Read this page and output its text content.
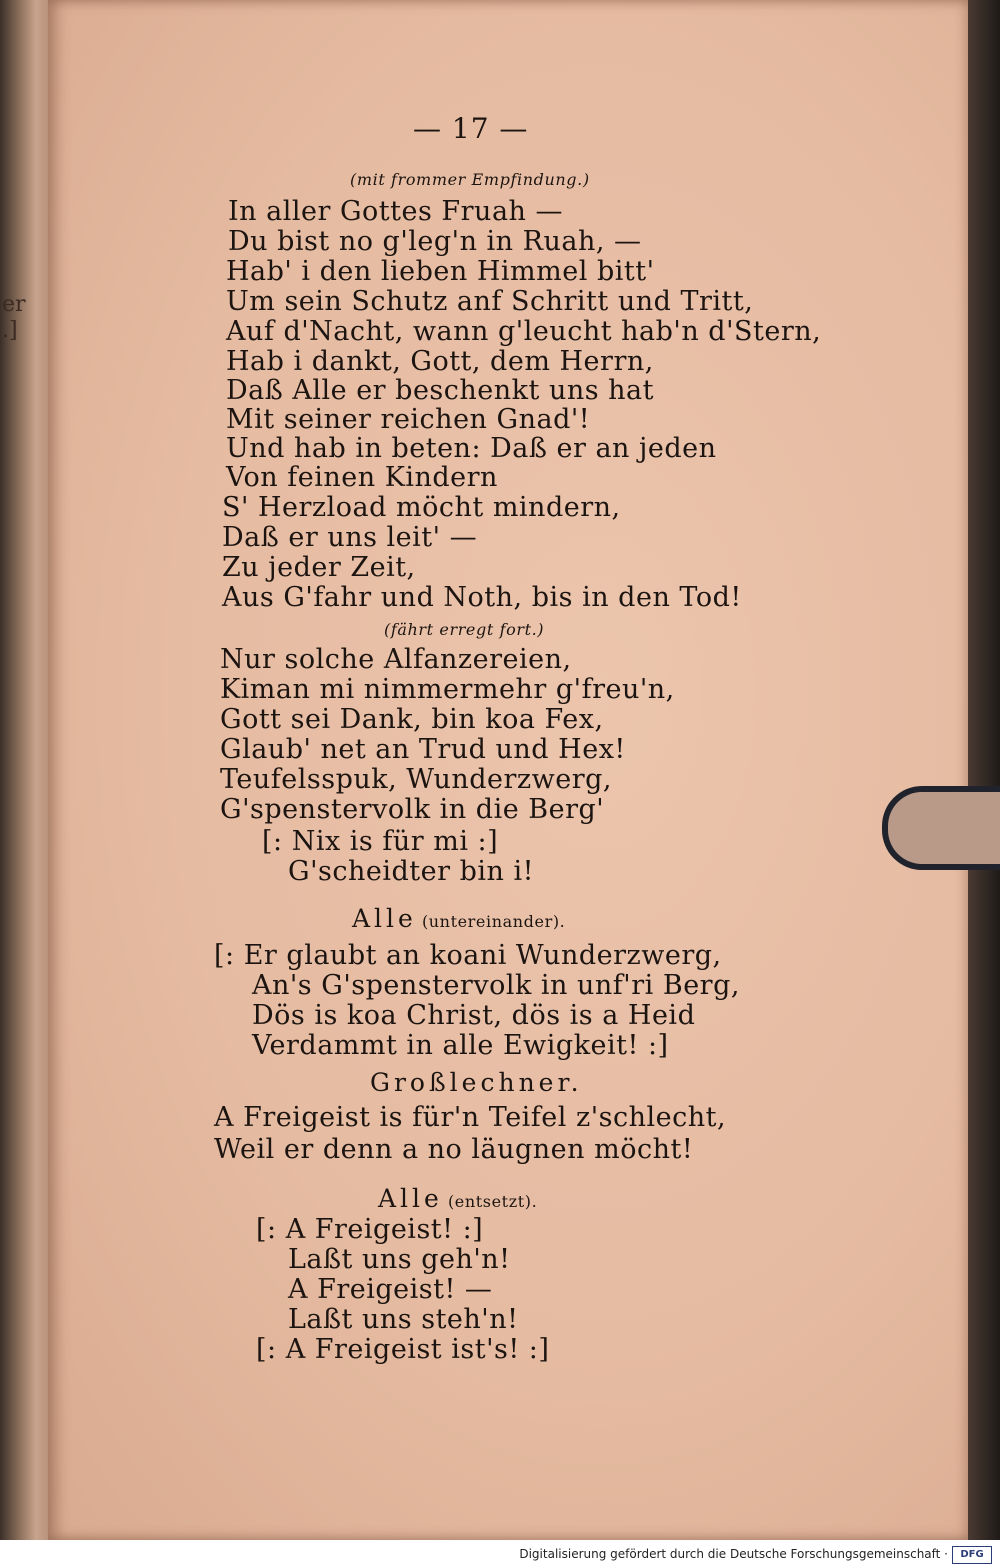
er
.]
— 17 —
(mit frommer Empfindung.)
In aller Gottes Fruah —
Du bist no g'leg'n in Ruah, —
Hab' i den lieben Himmel bitt'
Um sein Schutz anf Schritt und Tritt,
Auf d'Nacht, wann g'leucht hab'n d'Stern,
Hab i dankt, Gott, dem Herrn,
Daß Alle er beschenkt uns hat
Mit seiner reichen Gnad'!
Und hab in beten: Daß er an jeden
Von feinen Kindern
S' Herzload möcht mindern,
Daß er uns leit' —
Zu jeder Zeit,
Aus G'fahr und Noth, bis in den Tod!
(fährt erregt fort.)
Nur solche Alfanzereien,
Kiman mi nimmermehr g'freu'n,
Gott sei Dank, bin koa Fex,
Glaub' net an Trud und Hex!
Teufelsspuk, Wunderzwerg,
G'spenstervolk in die Berg'
[: Nix is für mi :]
G'scheidter bin i!
Alle (untereinander).
[: Er glaubt an koani Wunderzwerg,
An's G'spenstervolk in unf'ri Berg,
Dös is koa Christ, dös is a Heid
Verdammt in alle Ewigkeit! :]
Großlechner.
A Freigeist is für'n Teifel z'schlecht,
Weil er denn a no läugnen möcht!
Alle (entsetzt).
[: A Freigeist! :]
Laßt uns geh'n!
A Freigeist! —
Laßt uns steh'n!
[: A Freigeist ist's! :]
Digitalisierung gefördert durch die Deutsche Forschungsgemeinschaft ·	DFG
